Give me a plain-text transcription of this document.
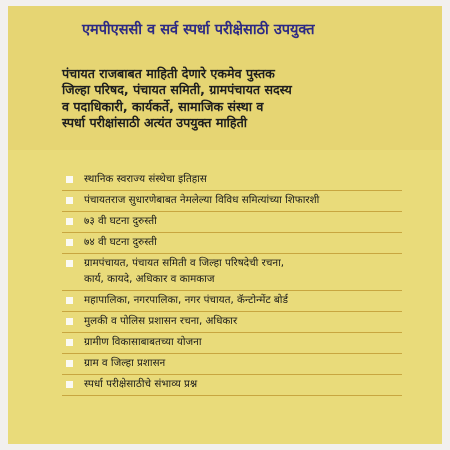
एमपीएससी व सर्व स्पर्धा परीक्षेसाठी उपयुक्त

पंचायत राजबाबत माहिती देणारे एकमेव पुस्तक
जिल्हा परिषद, पंचायत समिती, ग्रामपंचायत सदस्य
व पदाधिकारी, कार्यकर्ते, सामाजिक संस्था व
स्पर्धा परीक्षांसाठी अत्यंत उपयुक्त माहिती

स्थानिक स्वराज्य संस्थेचा इतिहास
पंचायतराज सुधारणेबाबत नेमलेल्या विविध समित्यांच्या शिफारशी
७३ वी घटना दुरुस्ती
७४ वी घटना दुरुस्ती
ग्रामपंचायत, पंचायत समिती व जिल्हा परिषदेची रचना,
कार्य, कायदे, अधिकार व कामकाज
महापालिका, नगरपालिका, नगर पंचायत, कॅन्टोन्मेंट बोर्ड
मुलकी व पोलिस प्रशासन रचना, अधिकार
ग्रामीण विकासाबाबतच्या योजना
ग्राम व जिल्हा प्रशासन
स्पर्धा परीक्षेसाठीचे संभाव्य प्रश्न
